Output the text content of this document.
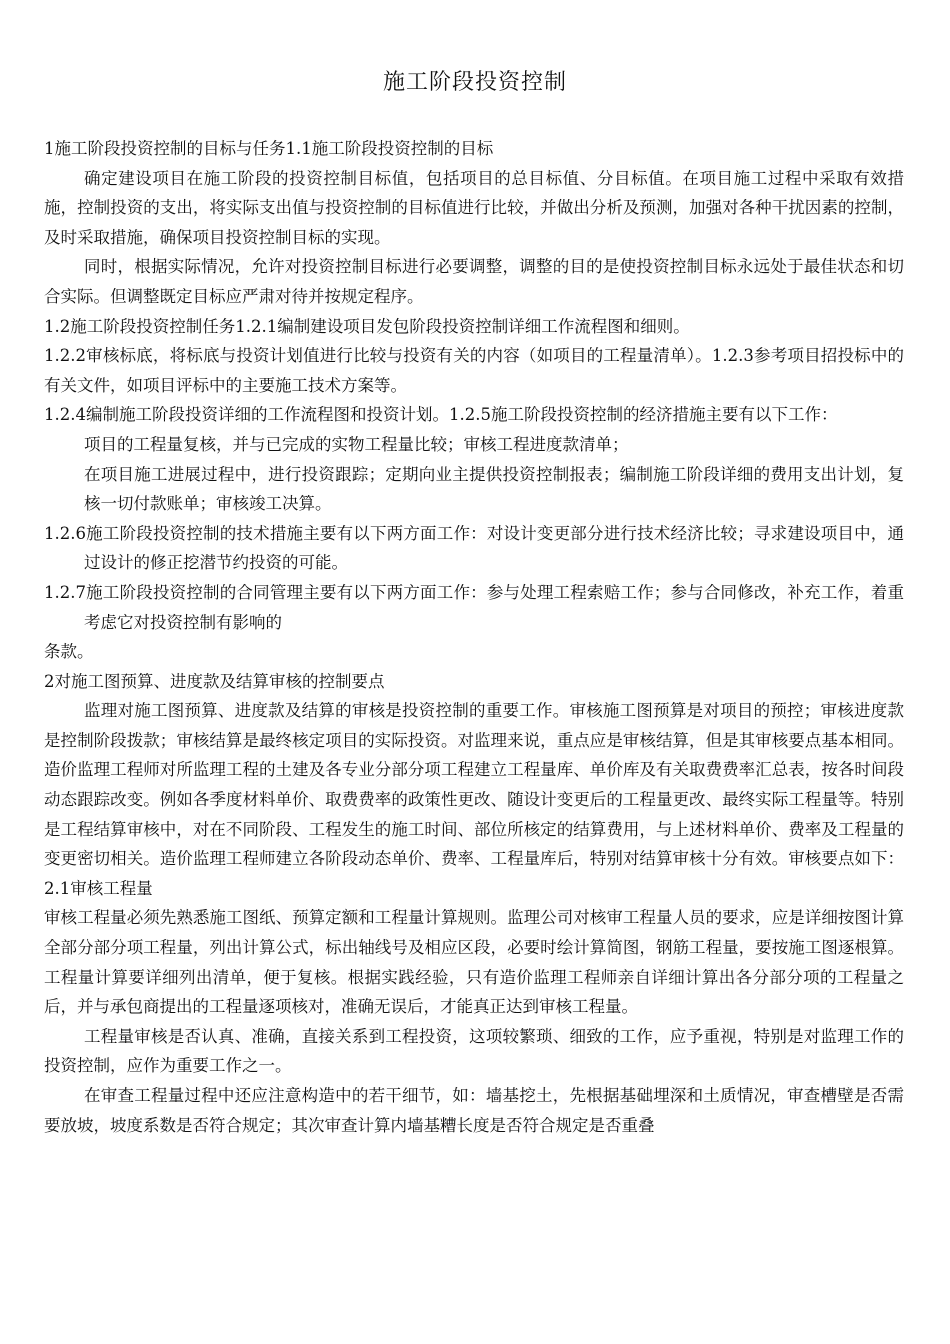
施工阶段投资控制

1施工阶段投资控制的目标与任务1.1施工阶段投资控制的目标

确定建设项目在施工阶段的投资控制目标值，包括项目的总目标值、分目标值。在项目施工过程中采取有效措施，控制投资的支出，将实际支出值与投资控制的目标值进行比较，并做出分析及预测，加强对各种干扰因素的控制，及时采取措施，确保项目投资控制目标的实现。

同时，根据实际情况，允许对投资控制目标进行必要调整，调整的目的是使投资控制目标永远处于最佳状态和切合实际。但调整既定目标应严肃对待并按规定程序。

1.2施工阶段投资控制任务1.2.1编制建设项目发包阶段投资控制详细工作流程图和细则。

1.2.2审核标底，将标底与投资计划值进行比较与投资有关的内容（如项目的工程量清单）。1.2.3参考项目招投标中的有关文件，如项目评标中的主要施工技术方案等。

1.2.4编制施工阶段投资详细的工作流程图和投资计划。1.2.5施工阶段投资控制的经济措施主要有以下工作：

项目的工程量复核，并与已完成的实物工程量比较；审核工程进度款清单；

在项目施工进展过程中，进行投资跟踪；定期向业主提供投资控制报表；编制施工阶段详细的费用支出计划，复核一切付款账单；审核竣工决算。

1.2.6施工阶段投资控制的技术措施主要有以下两方面工作：对设计变更部分进行技术经济比较；寻求建设项目中，通过设计的修正挖潜节约投资的可能。

1.2.7施工阶段投资控制的合同管理主要有以下两方面工作：参与处理工程索赔工作；参与合同修改，补充工作，着重考虑它对投资控制有影响的

条款。

2对施工图预算、进度款及结算审核的控制要点

监理对施工图预算、进度款及结算的审核是投资控制的重要工作。审核施工图预算是对项目的预控；审核进度款是控制阶段拨款；审核结算是最终核定项目的实际投资。对监理来说，重点应是审核结算，但是其审核要点基本相同。造价监理工程师对所监理工程的土建及各专业分部分项工程建立工程量库、单价库及有关取费费率汇总表，按各时间段动态跟踪改变。例如各季度材料单价、取费费率的政策性更改、随设计变更后的工程量更改、最终实际工程量等。特别是工程结算审核中，对在不同阶段、工程发生的施工时间、部位所核定的结算费用，与上述材料单价、费率及工程量的变更密切相关。造价监理工程师建立各阶段动态单价、费率、工程量库后，特别对结算审核十分有效。审核要点如下：2.1审核工程量

审核工程量必须先熟悉施工图纸、预算定额和工程量计算规则。监理公司对核审工程量人员的要求，应是详细按图计算全部分部分项工程量，列出计算公式，标出轴线号及相应区段，必要时绘计算简图，钢筋工程量，要按施工图逐根算。工程量计算要详细列出清单，便于复核。根据实践经验，只有造价监理工程师亲自详细计算出各分部分项的工程量之后，并与承包商提出的工程量逐项核对，准确无误后，才能真正达到审核工程量。

工程量审核是否认真、准确，直接关系到工程投资，这项较繁琐、细致的工作，应予重视，特别是对监理工作的投资控制，应作为重要工作之一。

在审查工程量过程中还应注意构造中的若干细节，如：墙基挖土，先根据基础埋深和土质情况，审查槽壁是否需要放坡，坡度系数是否符合规定；其次审查计算内墙基糟长度是否符合规定是否重叠
